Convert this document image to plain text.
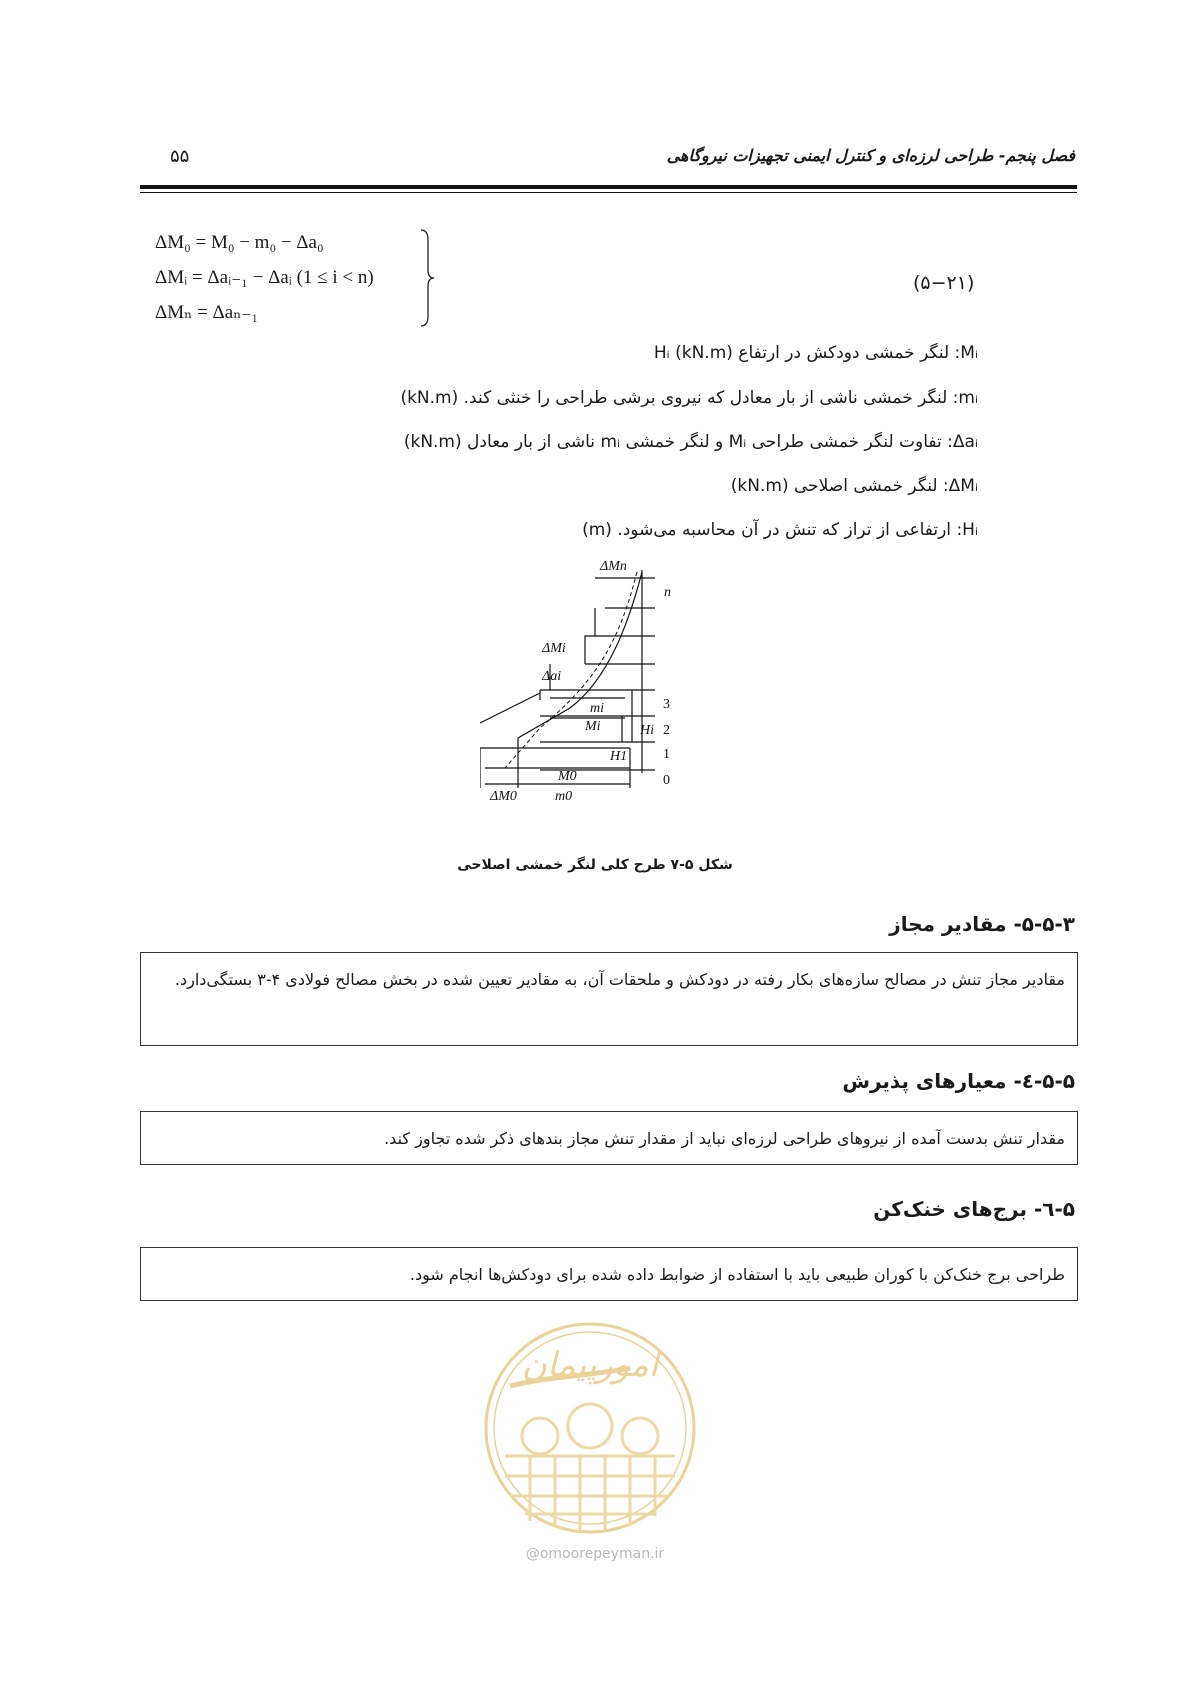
فصل پنجم- طراحی لرزه‌ای و کنترل ایمنی تجهیزات نیروگاهی
۵۵
ΔM₀ = M₀ − m₀ − Δa₀
ΔMᵢ = Δaᵢ₋₁ − Δaᵢ (1 ≤ i < n)
ΔMₙ = Δaₙ₋₁
(۵−۲۱)
Mᵢ: لنگر خمشی دودکش در ارتفاع Hᵢ (kN.m)
mᵢ: لنگر خمشی ناشی از بار معادل که نیروی برشی طراحی را خنثی کند. (kN.m)
Δaᵢ: تفاوت لنگر خمشی طراحی Mᵢ و لنگر خمشی mᵢ ناشی از بار معادل (kN.m)
ΔMᵢ: لنگر خمشی اصلاحی (kN.m)
Hᵢ: ارتفاعی از تراز که تنش در آن محاسبه می‌شود. (m)
ΔMn
n
ΔMi
Δai
3
2
1
0
mi
Mi	Hi
H1
M0
ΔM0	m0
شکل ۵-۷ طرح کلی لنگر خمشی اصلاحی
۵-۵-۳- مقادیر مجاز
مقادیر مجاز تنش در مصالح سازه‌های بکار رفته در دودکش و ملحقات آن، به مقادیر تعیین شده در بخش مصالح فولادی ۴-۳ بستگی‌دارد.
۵-۵-٤- معیارهای پذیرش
مقدار تنش بدست آمده از نیروهای طراحی لرزه‌ای نباید از مقدار تنش مجاز بندهای ذکر شده تجاوز کند.
۵-٦- برج‌های خنک‌کن
طراحی برج خنک‌کن با کوران طبیعی باید با استفاده از ضوابط داده شده برای دودکش‌ها انجام شود.
امورپیمان
@omoorepeyman.ir
